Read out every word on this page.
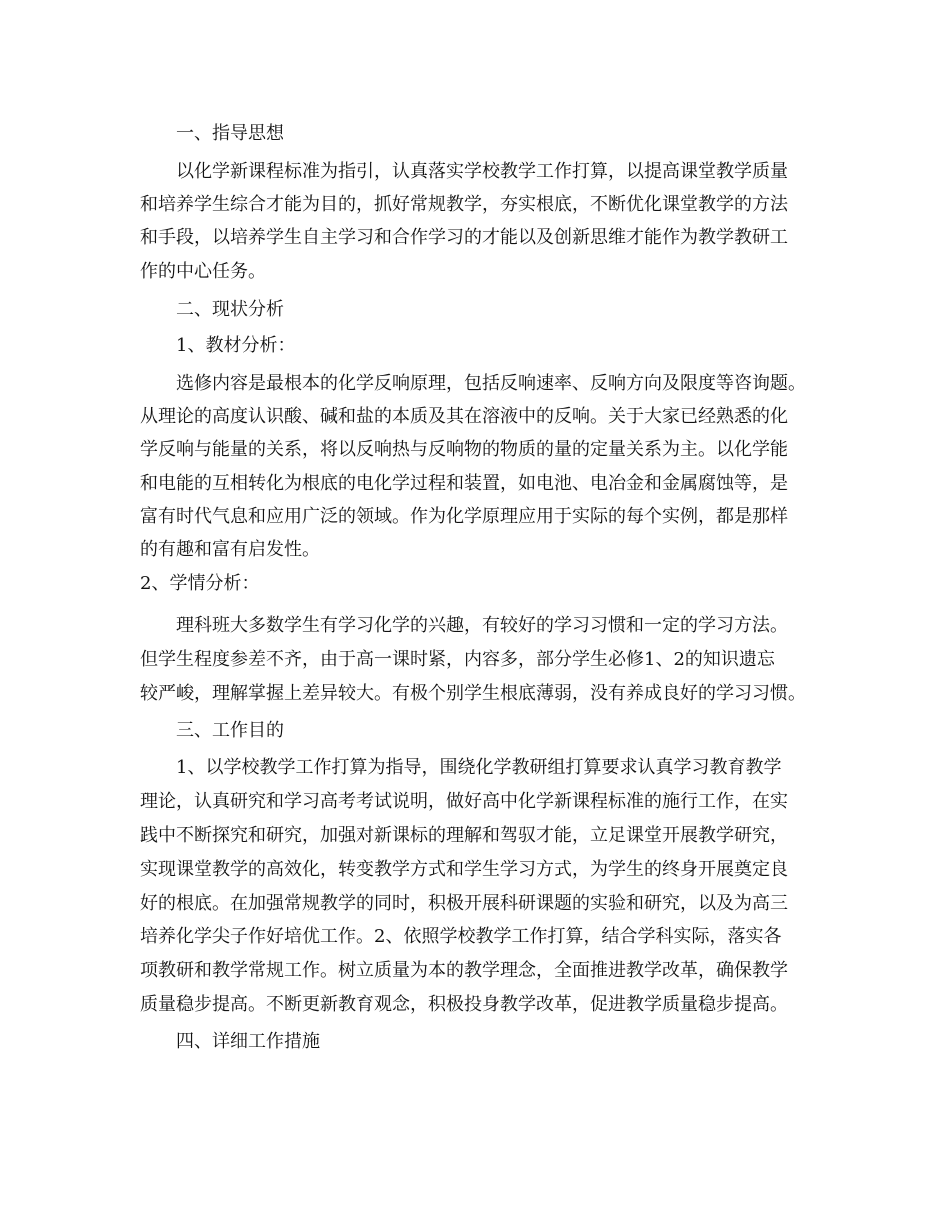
一、指导思想
以化学新课程标准为指引，认真落实学校教学工作打算，以提高课堂教学质量
和培养学生综合才能为目的，抓好常规教学，夯实根底，不断优化课堂教学的方法
和手段，以培养学生自主学习和合作学习的才能以及创新思维才能作为教学教研工
作的中心任务。
二、现状分析
1、教材分析：
选修内容是最根本的化学反响原理，包括反响速率、反响方向及限度等咨询题。
从理论的高度认识酸、碱和盐的本质及其在溶液中的反响。关于大家已经熟悉的化
学反响与能量的关系，将以反响热与反响物的物质的量的定量关系为主。以化学能
和电能的互相转化为根底的电化学过程和装置，如电池、电冶金和金属腐蚀等，是
富有时代气息和应用广泛的领域。作为化学原理应用于实际的每个实例，都是那样
的有趣和富有启发性。
2、学情分析：
理科班大多数学生有学习化学的兴趣，有较好的学习习惯和一定的学习方法。
但学生程度参差不齐，由于高一课时紧，内容多，部分学生必修1、2的知识遗忘
较严峻，理解掌握上差异较大。有极个别学生根底薄弱，没有养成良好的学习习惯。
三、工作目的
1、以学校教学工作打算为指导，围绕化学教研组打算要求认真学习教育教学
理论，认真研究和学习高考考试说明，做好高中化学新课程标准的施行工作，在实
践中不断探究和研究，加强对新课标的理解和驾驭才能，立足课堂开展教学研究，
实现课堂教学的高效化，转变教学方式和学生学习方式，为学生的终身开展奠定良
好的根底。在加强常规教学的同时，积极开展科研课题的实验和研究，以及为高三
培养化学尖子作好培优工作。2、依照学校教学工作打算，结合学科实际，落实各
项教研和教学常规工作。树立质量为本的教学理念，全面推进教学改革，确保教学
质量稳步提高。不断更新教育观念，积极投身教学改革，促进教学质量稳步提高。
四、详细工作措施
